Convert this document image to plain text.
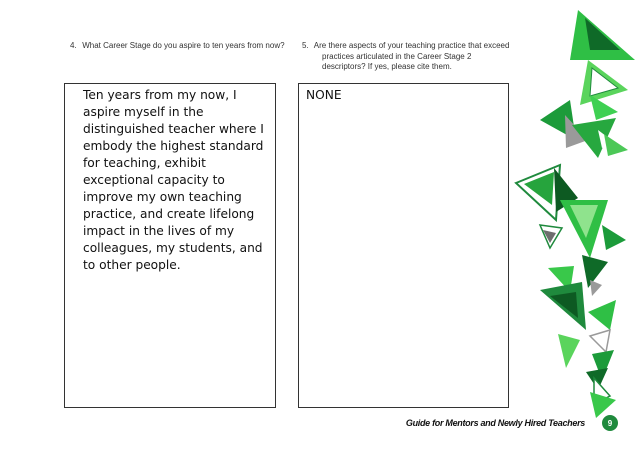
4. What Career Stage do you aspire to ten years from now? 5. Are there aspects of your teaching practice that exceed practices articulated in the Career Stage 2 descriptors? If yes, please cite them.
Ten years from my now, I aspire myself in the distinguished teacher where I embody the highest standard for teaching, exhibit exceptional capacity to improve my own teaching practice, and create lifelong impact in the lives of my colleagues, my students, and to other people.
NONE
Guide for Mentors and Newly Hired Teachers	9
